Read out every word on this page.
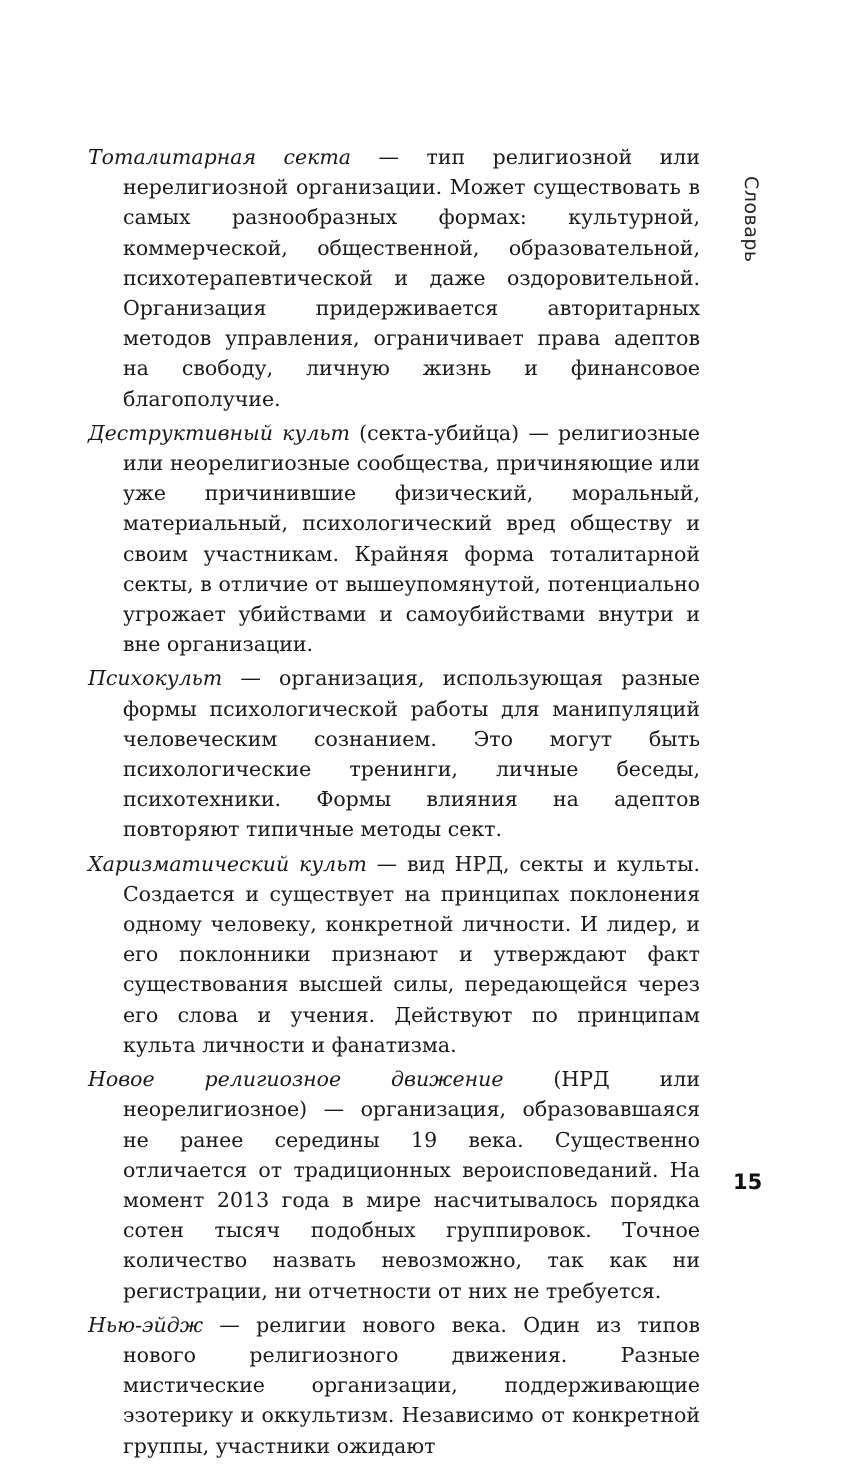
Тоталитарная секта — тип религиозной или нерелигиозной организации. Может существовать в самых разнообразных формах: культурной, коммерческой, общественной, образовательной, психотерапевтической и даже оздоровительной. Организация придерживается авторитарных методов управления, ограничивает права адептов на свободу, личную жизнь и финансовое благополучие.

Деструктивный культ (секта-убийца) — религиозные или неорелигиозные сообщества, причиняющие или уже причинившие физический, моральный, материальный, психологический вред обществу и своим участникам. Крайняя форма тоталитарной секты, в отличие от вышеупомянутой, потенциально угрожает убийствами и самоубийствами внутри и вне организации.

Психокульт — организация, использующая разные формы психологической работы для манипуляций человеческим сознанием. Это могут быть психологические тренинги, личные беседы, психотехники. Формы влияния на адептов повторяют типичные методы сект.

Харизматический культ — вид НРД, секты и культы. Создается и существует на принципах поклонения одному человеку, конкретной личности. И лидер, и его поклонники признают и утверждают факт существования высшей силы, передающейся через его слова и учения. Действуют по принципам культа личности и фанатизма.

Новое религиозное движение (НРД или неорелигиозное) — организация, образовавшаяся не ранее середины 19 века. Существенно отличается от традиционных вероисповеданий. На момент 2013 года в мире насчитывалось порядка сотен тысяч подобных группировок. Точное количество назвать невозможно, так как ни регистрации, ни отчетности от них не требуется.

Нью-эйдж — религии нового века. Один из типов нового религиозного движения. Разные мистические организации, поддерживающие эзотерику и оккультизм. Независимо от конкретной группы, участники ожидают

Словарь
15
